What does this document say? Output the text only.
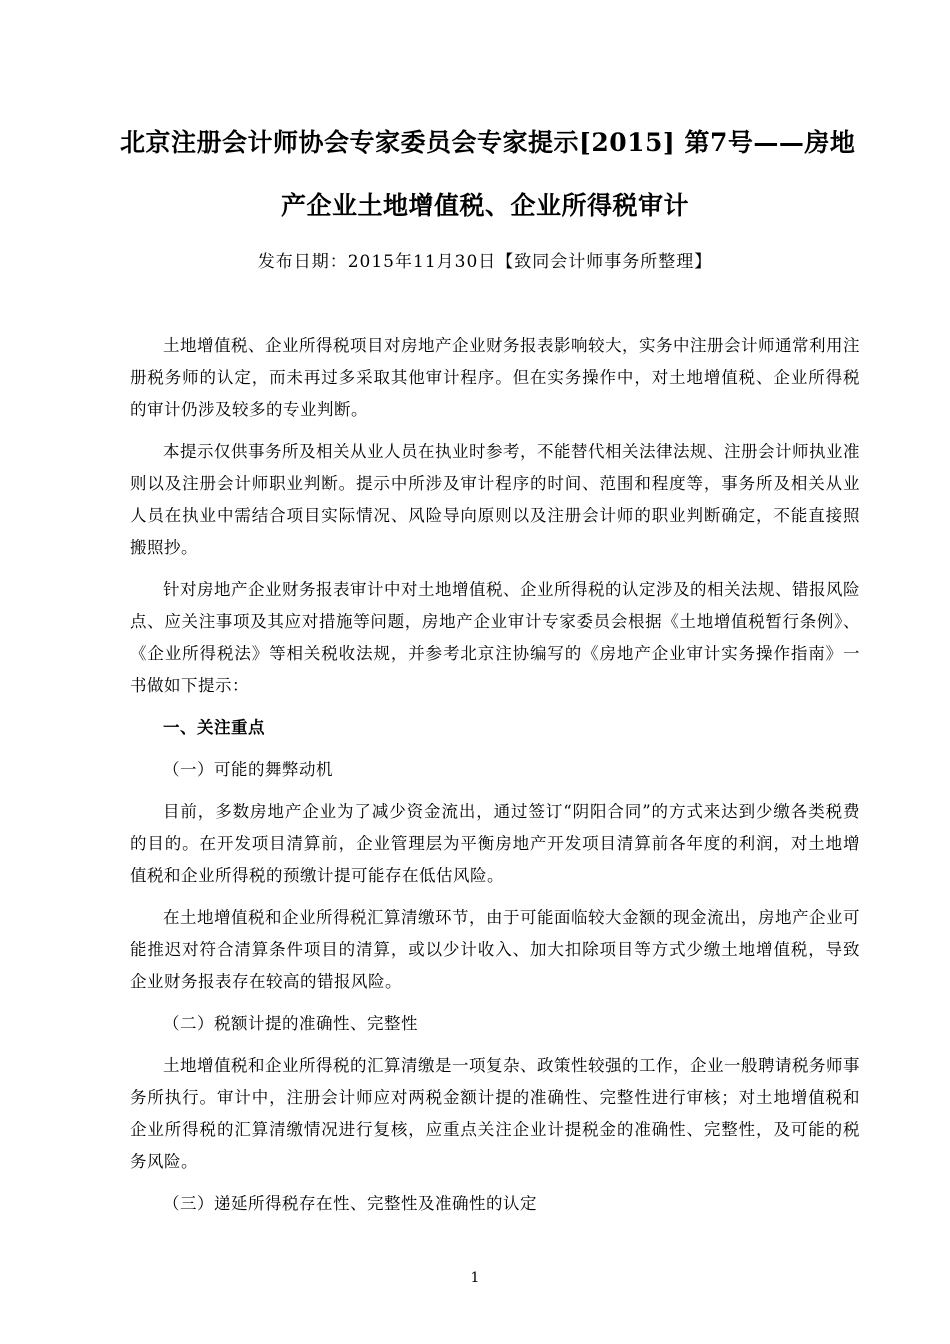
北京注册会计师协会专家委员会专家提示[2015] 第7号——房地
产企业土地增值税、企业所得税审计
发布日期：2015年11月30日【致同会计师事务所整理】

土地增值税、企业所得税项目对房地产企业财务报表影响较大，实务中注册会计师通常利用注册税务师的认定，而未再过多采取其他审计程序。但在实务操作中，对土地增值税、企业所得税的审计仍涉及较多的专业判断。

本提示仅供事务所及相关从业人员在执业时参考，不能替代相关法律法规、注册会计师执业准则以及注册会计师职业判断。提示中所涉及审计程序的时间、范围和程度等，事务所及相关从业人员在执业中需结合项目实际情况、风险导向原则以及注册会计师的职业判断确定，不能直接照搬照抄。

针对房地产企业财务报表审计中对土地增值税、企业所得税的认定涉及的相关法规、错报风险点、应关注事项及其应对措施等问题，房地产企业审计专家委员会根据《土地增值税暂行条例》、《企业所得税法》等相关税收法规，并参考北京注协编写的《房地产企业审计实务操作指南》一书做如下提示：

一、关注重点

（一）可能的舞弊动机

目前，多数房地产企业为了减少资金流出，通过签订“阴阳合同”的方式来达到少缴各类税费的目的。在开发项目清算前，企业管理层为平衡房地产开发项目清算前各年度的利润，对土地增值税和企业所得税的预缴计提可能存在低估风险。

在土地增值税和企业所得税汇算清缴环节，由于可能面临较大金额的现金流出，房地产企业可能推迟对符合清算条件项目的清算，或以少计收入、加大扣除项目等方式少缴土地增值税，导致企业财务报表存在较高的错报风险。

（二）税额计提的准确性、完整性

土地增值税和企业所得税的汇算清缴是一项复杂、政策性较强的工作，企业一般聘请税务师事务所执行。审计中，注册会计师应对两税金额计提的准确性、完整性进行审核；对土地增值税和企业所得税的汇算清缴情况进行复核，应重点关注企业计提税金的准确性、完整性，及可能的税务风险。

（三）递延所得税存在性、完整性及准确性的认定

1
